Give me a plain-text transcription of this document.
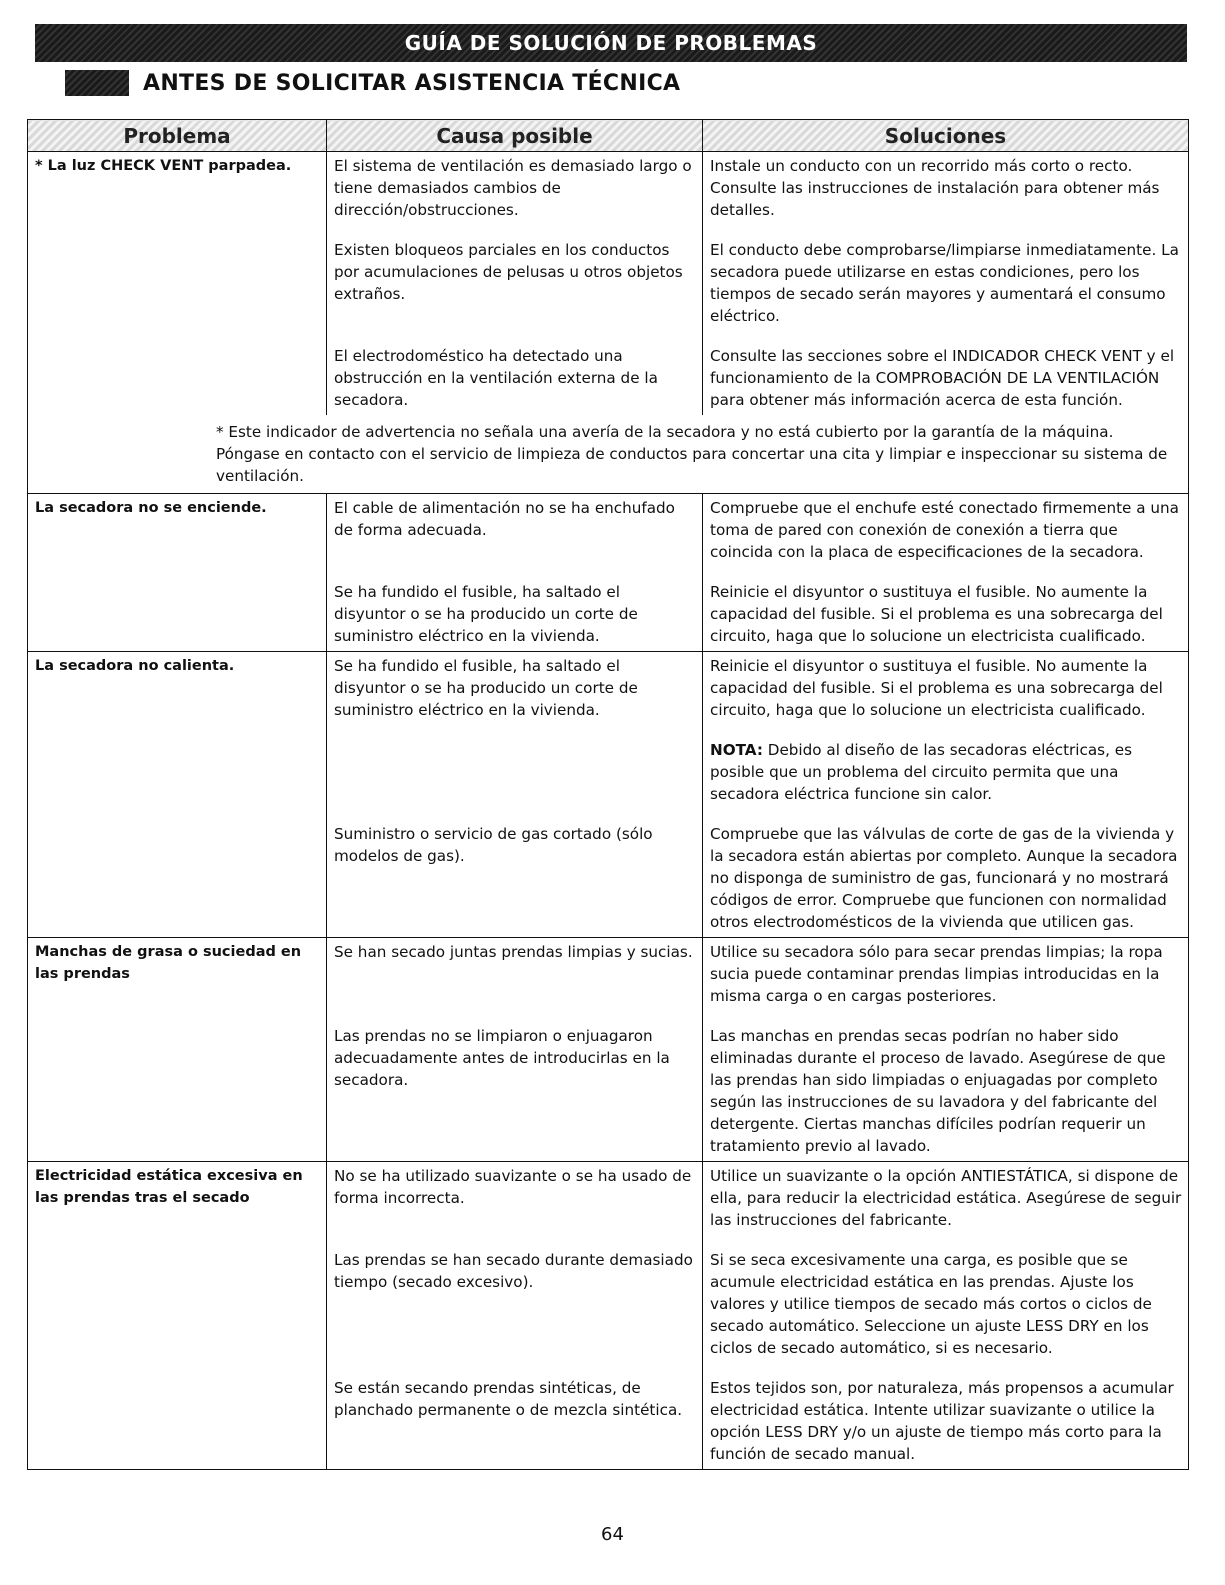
GUÍA DE SOLUCIÓN DE PROBLEMAS
ANTES DE SOLICITAR ASISTENCIA TÉCNICA
Problema	Causa posible	Soluciones
* La luz CHECK VENT parpadea.	El sistema de ventilación es demasiado largo o tiene demasiados cambios de dirección/obstrucciones.	Instale un conducto con un recorrido más corto o recto. Consulte las instrucciones de instalación para obtener más detalles.
	Existen bloqueos parciales en los conductos por acumulaciones de pelusas u otros objetos extraños.	El conducto debe comprobarse/limpiarse inmediatamente. La secadora puede utilizarse en estas condiciones, pero los tiempos de secado serán mayores y aumentará el consumo eléctrico.
	El electrodoméstico ha detectado una obstrucción en la ventilación externa de la secadora.	Consulte las secciones sobre el INDICADOR CHECK VENT y el funcionamiento de la COMPROBACIÓN DE LA VENTILACIÓN para obtener más información acerca de esta función.
* Este indicador de advertencia no señala una avería de la secadora y no está cubierto por la garantía de la máquina. Póngase en contacto con el servicio de limpieza de conductos para concertar una cita y limpiar e inspeccionar su sistema de ventilación.		
La secadora no se enciende.	El cable de alimentación no se ha enchufado de forma adecuada.	Compruebe que el enchufe esté conectado firmemente a una toma de pared con conexión de conexión a tierra que coincida con la placa de especificaciones de la secadora.
	Se ha fundido el fusible, ha saltado el disyuntor o se ha producido un corte de suministro eléctrico en la vivienda.	Reinicie el disyuntor o sustituya el fusible. No aumente la capacidad del fusible. Si el problema es una sobrecarga del circuito, haga que lo solucione un electricista cualificado.
La secadora no calienta.	Se ha fundido el fusible, ha saltado el disyuntor o se ha producido un corte de suministro eléctrico en la vivienda.	Reinicie el disyuntor o sustituya el fusible. No aumente la capacidad del fusible. Si el problema es una sobrecarga del circuito, haga que lo solucione un electricista cualificado.
		NOTA: Debido al diseño de las secadoras eléctricas, es posible que un problema del circuito permita que una secadora eléctrica funcione sin calor.
	Suministro o servicio de gas cortado (sólo modelos de gas).	Compruebe que las válvulas de corte de gas de la vivienda y la secadora están abiertas por completo. Aunque la secadora no disponga de suministro de gas, funcionará y no mostrará códigos de error. Compruebe que funcionen con normalidad otros electrodomésticos de la vivienda que utilicen gas.
Manchas de grasa o suciedad en las prendas	Se han secado juntas prendas limpias y sucias.	Utilice su secadora sólo para secar prendas limpias; la ropa sucia puede contaminar prendas limpias introducidas en la misma carga o en cargas posteriores.
	Las prendas no se limpiaron o enjuagaron adecuadamente antes de introducirlas en la secadora.	Las manchas en prendas secas podrían no haber sido eliminadas durante el proceso de lavado. Asegúrese de que las prendas han sido limpiadas o enjuagadas por completo según las instrucciones de su lavadora y del fabricante del detergente. Ciertas manchas difíciles podrían requerir un tratamiento previo al lavado.
Electricidad estática excesiva en las prendas tras el secado	No se ha utilizado suavizante o se ha usado de forma incorrecta.	Utilice un suavizante o la opción ANTIESTÁTICA, si dispone de ella, para reducir la electricidad estática. Asegúrese de seguir las instrucciones del fabricante.
	Las prendas se han secado durante demasiado tiempo (secado excesivo).	Si se seca excesivamente una carga, es posible que se acumule electricidad estática en las prendas. Ajuste los valores y utilice tiempos de secado más cortos o ciclos de secado automático. Seleccione un ajuste LESS DRY en los ciclos de secado automático, si es necesario.
	Se están secando prendas sintéticas, de planchado permanente o de mezcla sintética.	Estos tejidos son, por naturaleza, más propensos a acumular electricidad estática. Intente utilizar suavizante o utilice la opción LESS DRY y/o un ajuste de tiempo más corto para la función de secado manual.
64
